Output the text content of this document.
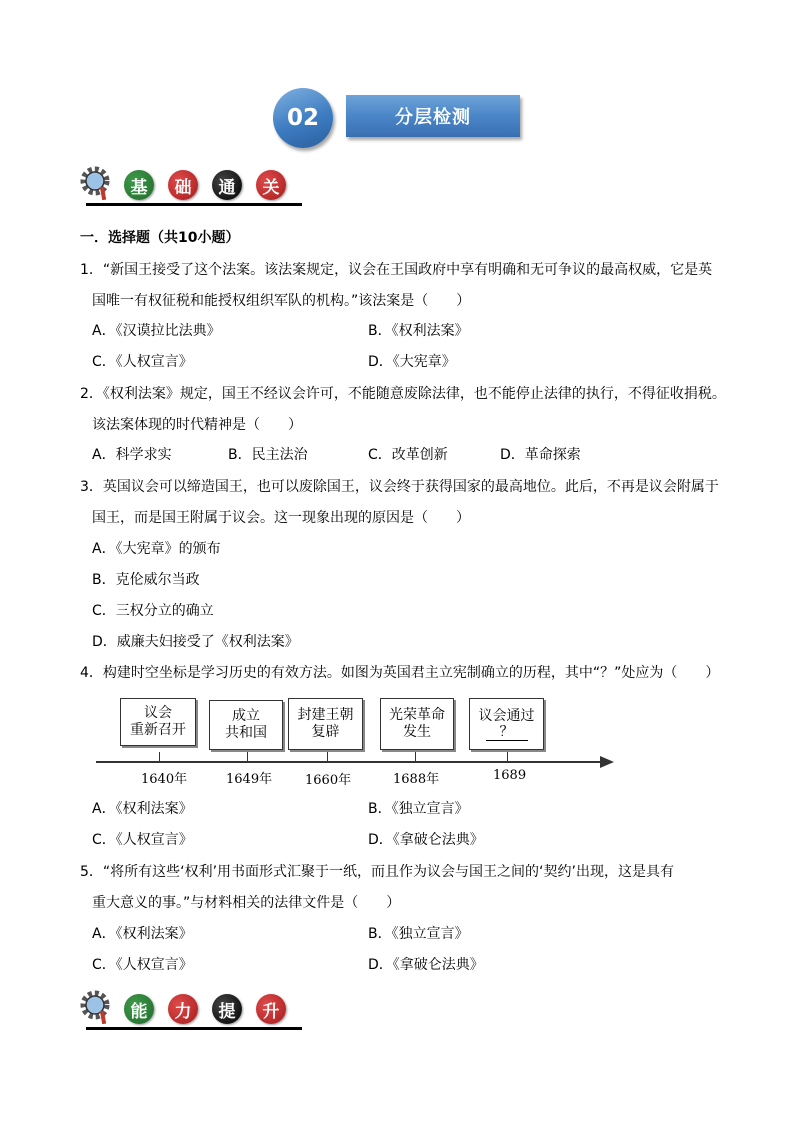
02	分层检测
基 础 通 关
一．选择题（共10小题）
1．“新国王接受了这个法案。该法案规定，议会在王国政府中享有明确和无可争议的最高权威，它是英
国唯一有权征税和能授权组织军队的机构。”该法案是（　　）
A．《汉谟拉比法典》	B．《权利法案》
C．《人权宣言》	D．《大宪章》
2．《权利法案》规定，国王不经议会许可，不能随意废除法律，也不能停止法律的执行，不得征收捐税。
该法案体现的时代精神是（　　）
A．科学求实	B．民主法治	C．改革创新	D．革命探索
3．英国议会可以缔造国王，也可以废除国王，议会终于获得国家的最高地位。此后，不再是议会附属于
国王，而是国王附属于议会。这一现象出现的原因是（　　）
A．《大宪章》的颁布
B．克伦威尔当政
C．三权分立的确立
D．威廉夫妇接受了《权利法案》
4．构建时空坐标是学习历史的有效方法。如图为英国君主立宪制确立的历程，其中“？”处应为（　　）
议会
重新召开
成立
共和国
封建王朝
复辟
光荣革命
发生
议会通过
？
1640年	1649年	1660年	1688年	1689
A．《权利法案》	B．《独立宣言》
C．《人权宣言》	D．《拿破仑法典》
5．“将所有这些‘权利’用书面形式汇聚于一纸，而且作为议会与国王之间的‘契约’出现，这是具有
重大意义的事。”与材料相关的法律文件是（　　）
A．《权利法案》	B．《独立宣言》
C．《人权宣言》	D．《拿破仑法典》
能 力 提 升
